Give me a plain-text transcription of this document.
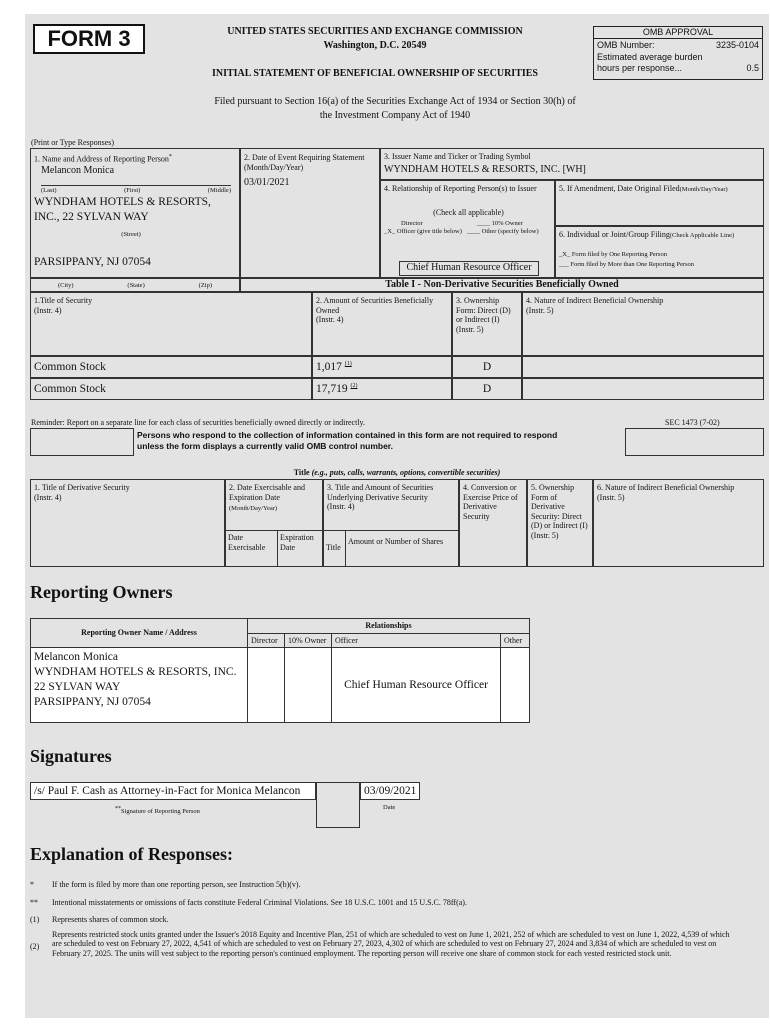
FORM 3	UNITED STATES SECURITIES AND EXCHANGE COMMISSION
Washington, D.C. 20549
INITIAL STATEMENT OF BENEFICIAL OWNERSHIP OF SECURITIES
OMB APPROVAL
OMB Number:	3235-0104
Estimated average burden
hours per response...	0.5
Filed pursuant to Section 16(a) of the Securities Exchange Act of 1934 or Section 30(h) of
the Investment Company Act of 1940
(Print or Type Responses)
1. Name and Address of Reporting Person*
Melancon Monica
(Last)	(First)	(Middle)
WYNDHAM HOTELS & RESORTS,
INC., 22 SYLVAN WAY
(Street)
PARSIPPANY, NJ 07054
(City)	(State)	(Zip)
2. Date of Event Requiring Statement (Month/Day/Year)
03/01/2021
3. Issuer Name and Ticker or Trading Symbol
WYNDHAM HOTELS & RESORTS, INC. [WH]
4. Relationship of Reporting Person(s) to Issuer
(Check all applicable)
Director	____ 10% Owner
_X_ Officer (give title below) ____ Other (specify below)
Chief Human Resource Officer
5. If Amendment, Date Original Filed(Month/Day/Year)
6. Individual or Joint/Group Filing(Check Applicable Line)
_X_ Form filed by One Reporting Person
___ Form filed by More than One Reporting Person
Table I - Non-Derivative Securities Beneficially Owned
1.Title of Security
(Instr. 4)
2. Amount of Securities Beneficially Owned
(Instr. 4)
3. Ownership Form: Direct (D) or Indirect (I)
(Instr. 5)
4. Nature of Indirect Beneficial Ownership
(Instr. 5)
Common Stock	1,017 $^{(1)}$	D
Common Stock	17,719 $^{(2)}$	D
Reminder: Report on a separate line for each class of securities beneficially owned directly or indirectly.	SEC 1473 (7-02)
Persons who respond to the collection of information contained in this form are not required to respond
unless the form displays a currently valid OMB control number.
Title (e.g., puts, calls, warrants, options, convertible securities)
1. Title of Derivative Security
(Instr. 4)
2. Date Exercisable and Expiration Date
(Month/Day/Year)
Date Exercisable
Expiration Date
3. Title and Amount of Securities Underlying Derivative Security
(Instr. 4)
Title
Amount or Number of Shares
4. Conversion or Exercise Price of Derivative Security
5. Ownership Form of Derivative Security: Direct (D) or Indirect (I)
(Instr. 5)
6. Nature of Indirect Beneficial Ownership
(Instr. 5)
Reporting Owners
Reporting Owner Name / Address	Relationships			
	Director	10% Owner	Officer	Other

Melancon Monica
WYNDHAM HOTELS & RESORTS, INC.
22 SYLVAN WAY
PARSIPPANY, NJ 07054			Chief Human Resource Officer	
Signatures
/s/ Paul F. Cash as Attorney-in-Fact for Monica Melancon	03/09/2021
**Signature of Reporting Person
Date
Explanation of Responses:
*	If the form is filed by more than one reporting person, see Instruction 5(b)(v).
**	Intentional misstatements or omissions of facts constitute Federal Criminal Violations. See 18 U.S.C. 1001 and 15 U.S.C. 78ff(a).
(1)	Represents shares of common stock.
(2)
Represents restricted stock units granted under the Issuer's 2018 Equity and Incentive Plan, 251 of which are scheduled to vest on June 1, 2021, 252 of which are scheduled to vest on June 1, 2022, 4,539 of which are scheduled to vest on February 27, 2022, 4,541 of which are scheduled to vest on February 27, 2023, 4,302 of which are scheduled to vest on February 27, 2024 and 3,834 of which are scheduled to vest on February 27, 2025. The units will vest subject to the reporting person's continued employment. The reporting person will receive one share of common stock for each vested restricted stock unit.
